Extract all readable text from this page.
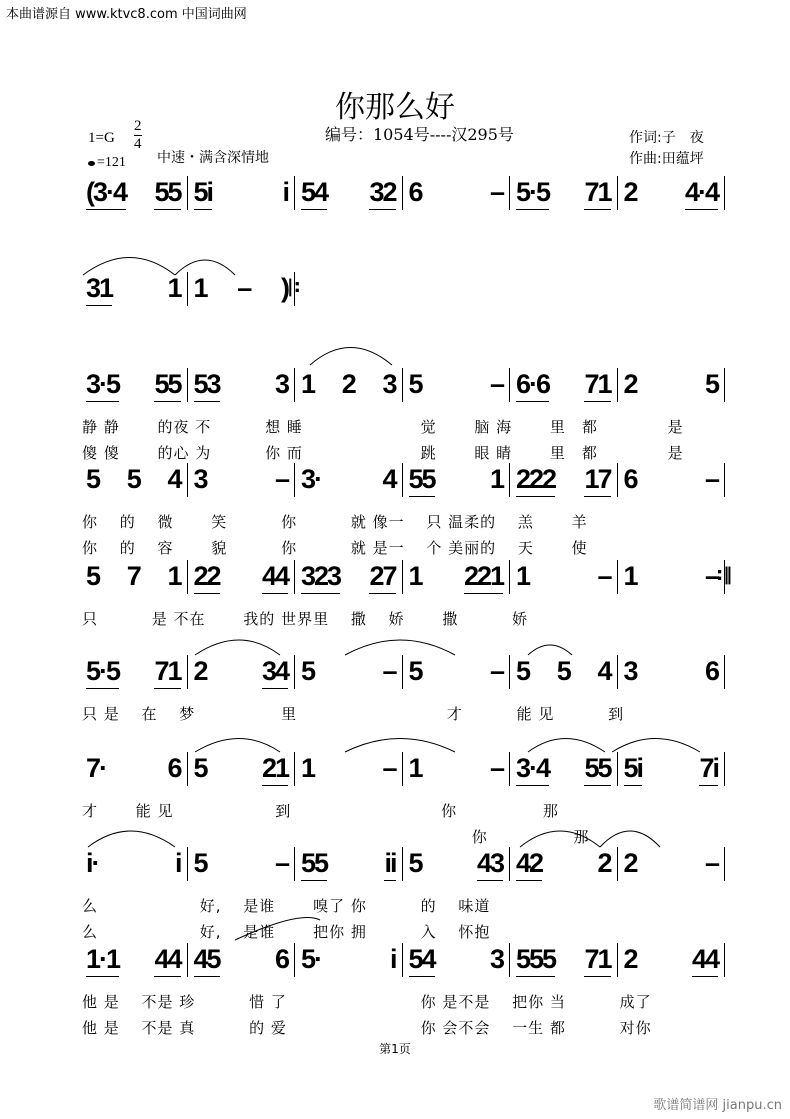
本曲谱源自 www.ktvc8.com 中国词曲网
你那么好
编号：1054号----汉295号
1=G
2
4
=121 中速・满含深情地
作词:子　夜
作曲:田蕴坪
(3·4 55 5i	i 54 32 6	– 5·5 71 2 4·4
31 1 1 – )
3·5 55 53 3 1 2 3 5	– 6·6 71 2	5
静 静　　 的夜 不　　　 想 睡　　　　　　　 觉　　 脑 海　　 里　都　　　　 是
傻 傻　　 的心 为　　　 你 而　　　　　　　 跳　　 眼 睛　　 里　都　　　　 是
5 5 4 3	– 3· 4 55 1 222 17 6	–
你　 的　 微　　 笑　　　 你　　　 就 像一　 只 温柔的　 羔　　 羊
你　 的　 容　　 貌　　　 你　　　 就 是一　 个 美丽的　 天　　 使
5 7 1 22 44 323 27 1 221 1	– 1	–
只　　　 是 不在　　 我的 世界里　 撒　 娇　　 撒　　　 娇
5·5 71 2 34 5	– 5	– 5 5 4 3	6
只 是　 在　 梦　　　　　 里　　　　　　　　　 才　　　 能 见　　　 到
7· 6 5 21 1	– 1	– 3·4 55 5i 7i
才　　 能 见　　　　　　 到　　　　　　　　　 你　　　　　 那
　　　　　　　　　　　　　　　　　　　　　　　　 你　　　　　 那
i·	i 5	– 55 ii 5 43 42 2 2	–
么　　　　　　 好,　 是谁　　 嗅了 你　　　 的　 味道
么　　　　　　 好,　 是谁　　 把你 拥　　　 入　 怀抱
1·1 44 45 6 5·	i 54 3 555 71 2 44
他 是　 不是 珍　　　 惜 了　　　　　　　　 你 是不是　 把你 当　　　 成了
他 是　 不是 真　　　 的 爱　　　　　　　　 你 会不会　 一生 都　　　 对你
|:
:‖
第1页
歌谱简谱网 jianpu.cn
